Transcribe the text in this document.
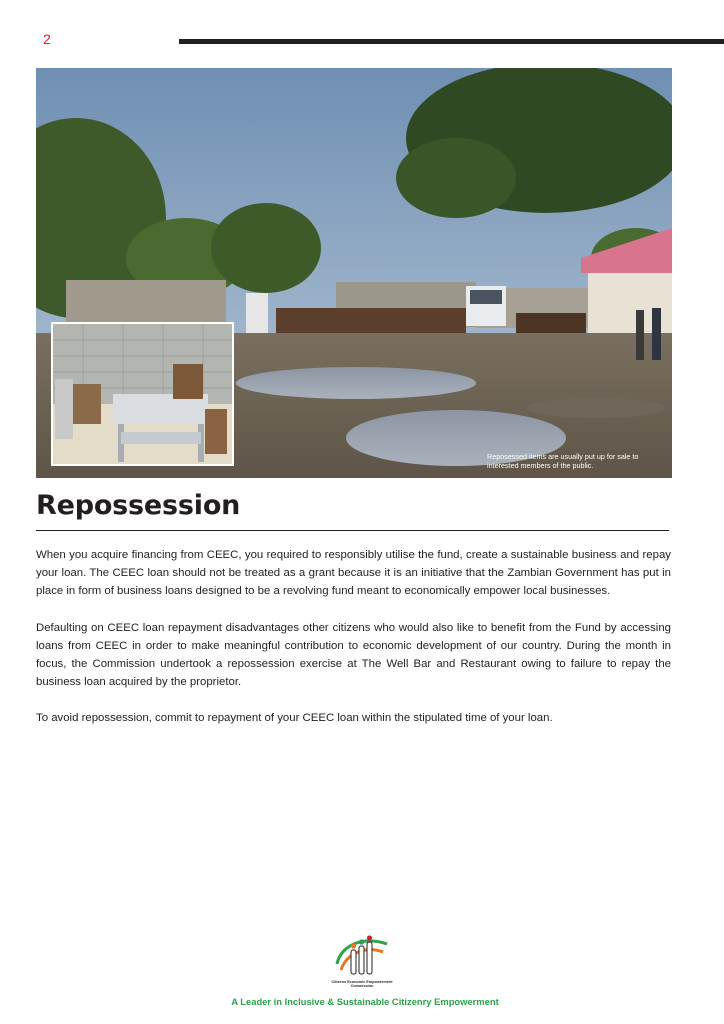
2
Reposessed items are usually put up for sale to interested members of the public.
Repossession

When you acquire financing from CEEC, you required to responsibly utilise the fund, create a sustainable business and repay your loan. The CEEC loan should not be treated as a grant because it is an initiative that the Zambian Government has put in place in form of business loans designed to be a revolving fund meant to economically empower local businesses.

Defaulting on CEEC loan repayment disadvantages other citizens who would also like to benefit from the Fund by accessing loans from CEEC in order to make meaningful contribution to economic development of our country. During the month in focus, the Commission undertook a repossession exercise at The Well Bar and Restaurant owing to failure to repay the business loan acquired by the proprietor.

To avoid repossession, commit to repayment of your CEEC loan within the stipulated time of your loan.

Citizens Economic Empowerment Commission
A Leader in Inclusive & Sustainable Citizenry Empowerment
